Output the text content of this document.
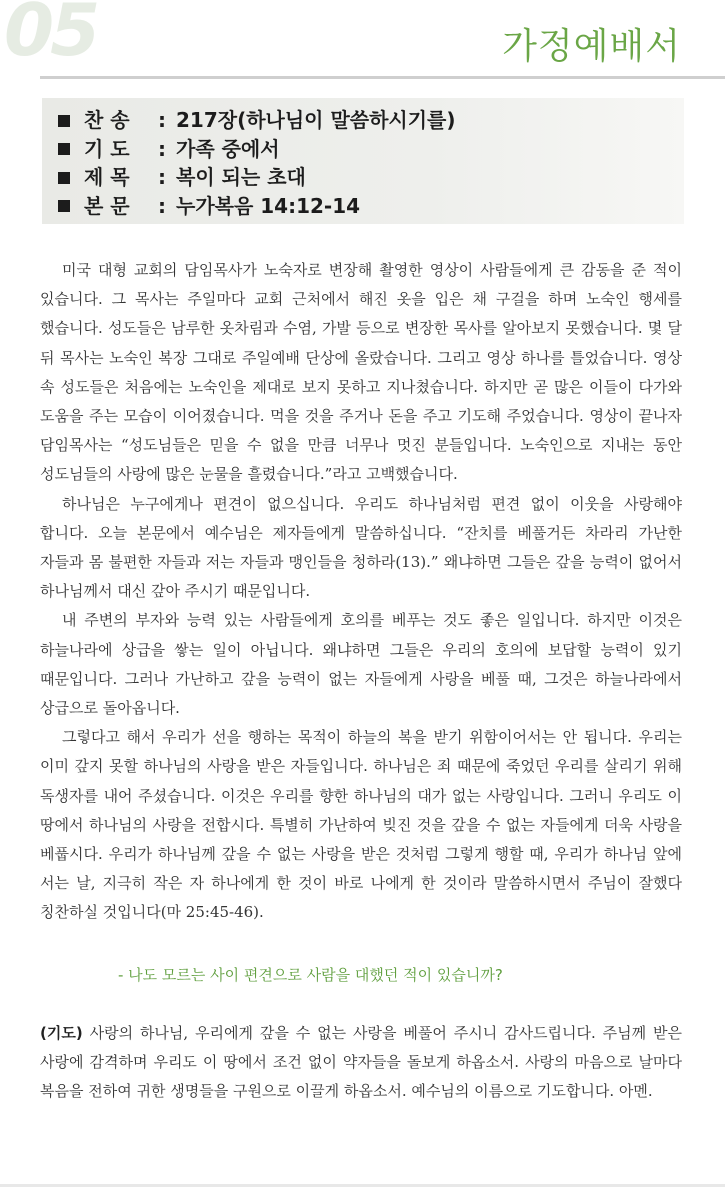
05	가정예배서
찬 송	: 217장(하나님이 말씀하시기를)
기 도	: 가족 중에서
제 목	: 복이 되는 초대
본 문	: 누가복음 14:12-14

미국 대형 교회의 담임목사가 노숙자로 변장해 촬영한 영상이 사람들에게 큰 감동을 준 적이 있습니다. 그 목사는 주일마다 교회 근처에서 해진 옷을 입은 채 구걸을 하며 노숙인 행세를 했습니다. 성도들은 남루한 옷차림과 수염, 가발 등으로 변장한 목사를 알아보지 못했습니다. 몇 달 뒤 목사는 노숙인 복장 그대로 주일예배 단상에 올랐습니다. 그리고 영상 하나를 틀었습니다. 영상 속 성도들은 처음에는 노숙인을 제대로 보지 못하고 지나쳤습니다. 하지만 곧 많은 이들이 다가와 도움을 주는 모습이 이어졌습니다. 먹을 것을 주거나 돈을 주고 기도해 주었습니다. 영상이 끝나자 담임목사는 “성도님들은 믿을 수 없을 만큼 너무나 멋진 분들입니다. 노숙인으로 지내는 동안 성도님들의 사랑에 많은 눈물을 흘렸습니다.”라고 고백했습니다.

하나님은 누구에게나 편견이 없으십니다. 우리도 하나님처럼 편견 없이 이웃을 사랑해야 합니다. 오늘 본문에서 예수님은 제자들에게 말씀하십니다. “잔치를 베풀거든 차라리 가난한 자들과 몸 불편한 자들과 저는 자들과 맹인들을 청하라(13).” 왜냐하면 그들은 갚을 능력이 없어서 하나님께서 대신 갚아 주시기 때문입니다.

내 주변의 부자와 능력 있는 사람들에게 호의를 베푸는 것도 좋은 일입니다. 하지만 이것은 하늘나라에 상급을 쌓는 일이 아닙니다. 왜냐하면 그들은 우리의 호의에 보답할 능력이 있기 때문입니다. 그러나 가난하고 갚을 능력이 없는 자들에게 사랑을 베풀 때, 그것은 하늘나라에서 상급으로 돌아옵니다.

그렇다고 해서 우리가 선을 행하는 목적이 하늘의 복을 받기 위함이어서는 안 됩니다. 우리는 이미 갚지 못할 하나님의 사랑을 받은 자들입니다. 하나님은 죄 때문에 죽었던 우리를 살리기 위해 독생자를 내어 주셨습니다. 이것은 우리를 향한 하나님의 대가 없는 사랑입니다. 그러니 우리도 이 땅에서 하나님의 사랑을 전합시다. 특별히 가난하여 빚진 것을 갚을 수 없는 자들에게 더욱 사랑을 베풉시다. 우리가 하나님께 갚을 수 없는 사랑을 받은 것처럼 그렇게 행할 때, 우리가 하나님 앞에 서는 날, 지극히 작은 자 하나에게 한 것이 바로 나에게 한 것이라 말씀하시면서 주님이 잘했다 칭찬하실 것입니다(마 25:45-46).

- 나도 모르는 사이 편견으로 사람을 대했던 적이 있습니까?

(기도) 사랑의 하나님, 우리에게 갚을 수 없는 사랑을 베풀어 주시니 감사드립니다. 주님께 받은 사랑에 감격하며 우리도 이 땅에서 조건 없이 약자들을 돌보게 하옵소서. 사랑의 마음으로 날마다 복음을 전하여 귀한 생명들을 구원으로 이끌게 하옵소서. 예수님의 이름으로 기도합니다. 아멘.
